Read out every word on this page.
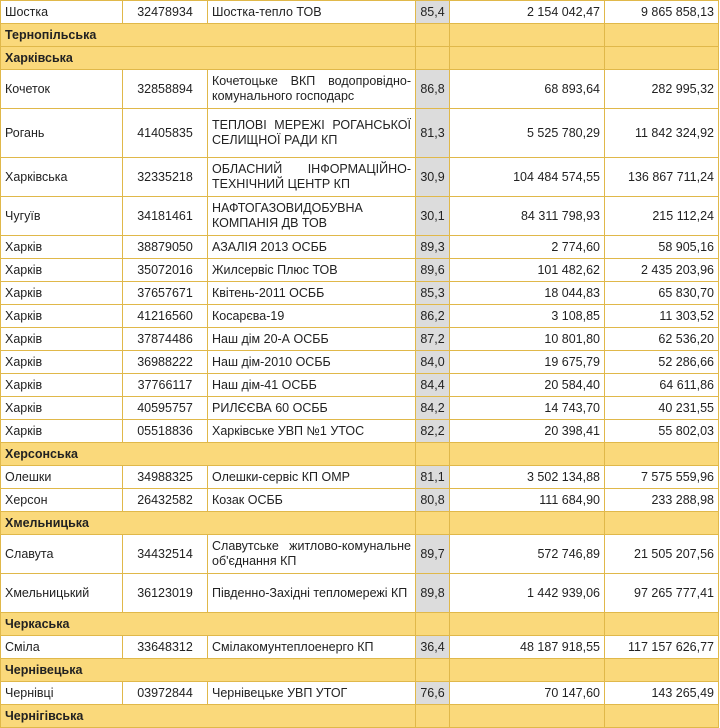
Шостка	32478934	Шостка-тепло ТОВ	85,4	2 154 042,47	9 865 858,13
Тернопільська					
Харківська					
Кочеток	32858894	Кочетоцьке ВКП водопровідно-комунального господарс	86,8	68 893,64	282 995,32
Рогань	41405835	ТЕПЛОВІ МЕРЕЖІ РОГАНСЬКОЇ СЕЛИЩНОЇ РАДИ КП	81,3	5 525 780,29	11 842 324,92
Харківська	32335218	ОБЛАСНИЙ ІНФОРМАЦІЙНО-ТЕХНІЧНИЙ ЦЕНТР КП	30,9	104 484 574,55	136 867 711,24
Чугуїв	34181461	НАФТОГАЗОВИДОБУВНА КОМПАНІЯ ДВ ТОВ	30,1	84 311 798,93	215 112,24
Харків	38879050	АЗАЛІЯ 2013 ОСББ	89,3	2 774,60	58 905,16
Харків	35072016	Жилсервіс Плюс ТОВ	89,6	101 482,62	2 435 203,96
Харків	37657671	Квітень-2011 ОСББ	85,3	18 044,83	65 830,70
Харків	41216560	Косарєва-19	86,2	3 108,85	11 303,52
Харків	37874486	Наш дім 20-А ОСББ	87,2	10 801,80	62 536,20
Харків	36988222	Наш дім-2010 ОСББ	84,0	19 675,79	52 286,66
Харків	37766117	Наш дім-41 ОСББ	84,4	20 584,40	64 611,86
Харків	40595757	РИЛЄЄВА 60 ОСББ	84,2	14 743,70	40 231,55
Харків	05518836	Харківське УВП №1 УТОС	82,2	20 398,41	55 802,03
Херсонська					
Олешки	34988325	Олешки-сервіс КП ОМР	81,1	3 502 134,88	7 575 559,96
Херсон	26432582	Козак ОСББ	80,8	111 684,90	233 288,98
Хмельницька					
Славута	34432514	Славутське житлово-комунальне об'єднання КП	89,7	572 746,89	21 505 207,56
Хмельницький	36123019	Південно-Західні тепломережі КП	89,8	1 442 939,06	97 265 777,41
Черкаська					
Сміла	33648312	Смілакомунтеплоенерго КП	36,4	48 187 918,55	117 157 626,77
Чернівецька					
Чернівці	03972844	Чернівецьке УВП УТОГ	76,6	70 147,60	143 265,49
Чернігівська					
